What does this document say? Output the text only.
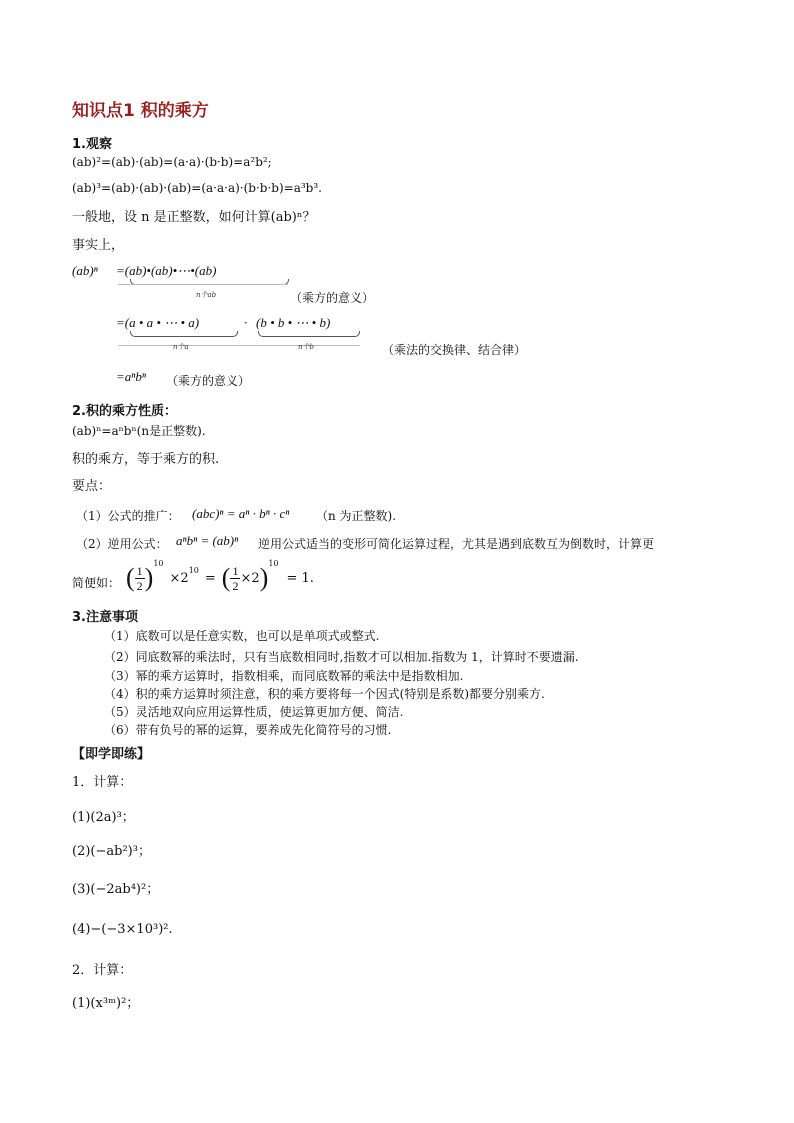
知识点1 积的乘方
1.观察
(ab)²=(ab)·(ab)=(a·a)·(b·b)=a²b²;
(ab)³=(ab)·(ab)·(ab)=(a·a·a)·(b·b·b)=a³b³.
一般地，设 n 是正整数，如何计算(ab)ⁿ？
事实上，
(ab)ⁿ =(ab)•(ab)•⋯•(ab)
n个ab	（乘方的意义）
=(a • a • ⋯ • a)	· (b • b • ⋯ • b)
n个a	n个b	（乘法的交换律、结合律）
=aⁿbⁿ （乘方的意义）
2.积的乘方性质：
(ab)ⁿ=aⁿbⁿ(n是正整数).
积的乘方，等于乘方的积.
要点：
（1）公式的推广： (abc)ⁿ = aⁿ · bⁿ · cⁿ （n 为正整数).
（2）逆用公式： aⁿbⁿ = (ab)ⁿ 逆用公式适当的变形可简化运算过程，尤其是遇到底数互为倒数时，计算更
简便如： ( $\frac{1}{2}$ ) 10
×2 10 = ( $\frac{1}{2} \times 2$ ) 10
= 1.
3.注意事项
（1）底数可以是任意实数，也可以是单项式或整式.
（2）同底数幂的乘法时，只有当底数相同时,指数才可以相加.指数为 1，计算时不要遗漏.
（3）幂的乘方运算时，指数相乘，而同底数幂的乘法中是指数相加.
（4）积的乘方运算时须注意，积的乘方要将每一个因式(特别是系数)都要分别乘方.
（5）灵活地双向应用运算性质，使运算更加方便、简洁.
（6）带有负号的幂的运算，要养成先化简符号的习惯.
【即学即练】
1．计算：
(1)(2a)³；
(2)(−ab²)³；
(3)(−2ab⁴)²；
(4)−(−3×10³)².
2．计算：
(1)(x³ᵐ)²；
